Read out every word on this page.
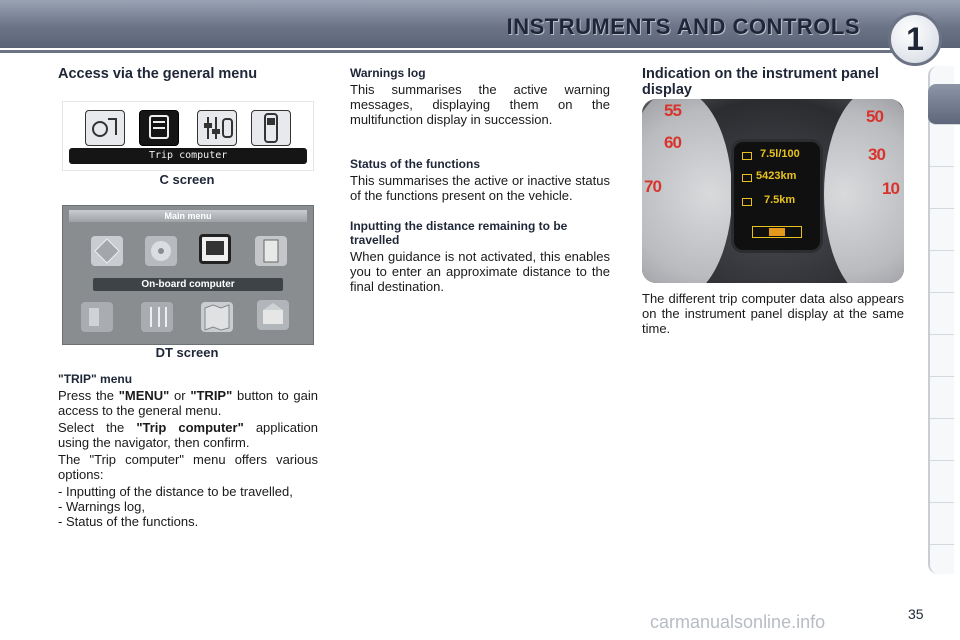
INSTRUMENTS AND CONTROLS	1
Access via the general menu
Trip computer
C screen
Main menu
On-board computer
DT screen
"TRIP" menu

Press the "MENU" or "TRIP" button to gain access to the general menu.

Select the "Trip computer" application using the navigator, then confirm.

The "Trip computer" menu offers various options:

- Inputting of the distance to be travelled,
- Warnings log,
- Status of the functions.
Warnings log

This summarises the active warning messages, displaying them on the multifunction display in succession.

Status of the functions

This summarises the active or inactive status of the functions present on the vehicle.

Inputting the distance remaining to be travelled

When guidance is not activated, this enables you to enter an approximate distance to the final destination.

Indication on the instrument panel display
55
60
70
50
30
10
7.5l/100
5423km
7.5km

The different trip computer data also appears on the instrument panel display at the same time.

carmanualsonline.info	35
